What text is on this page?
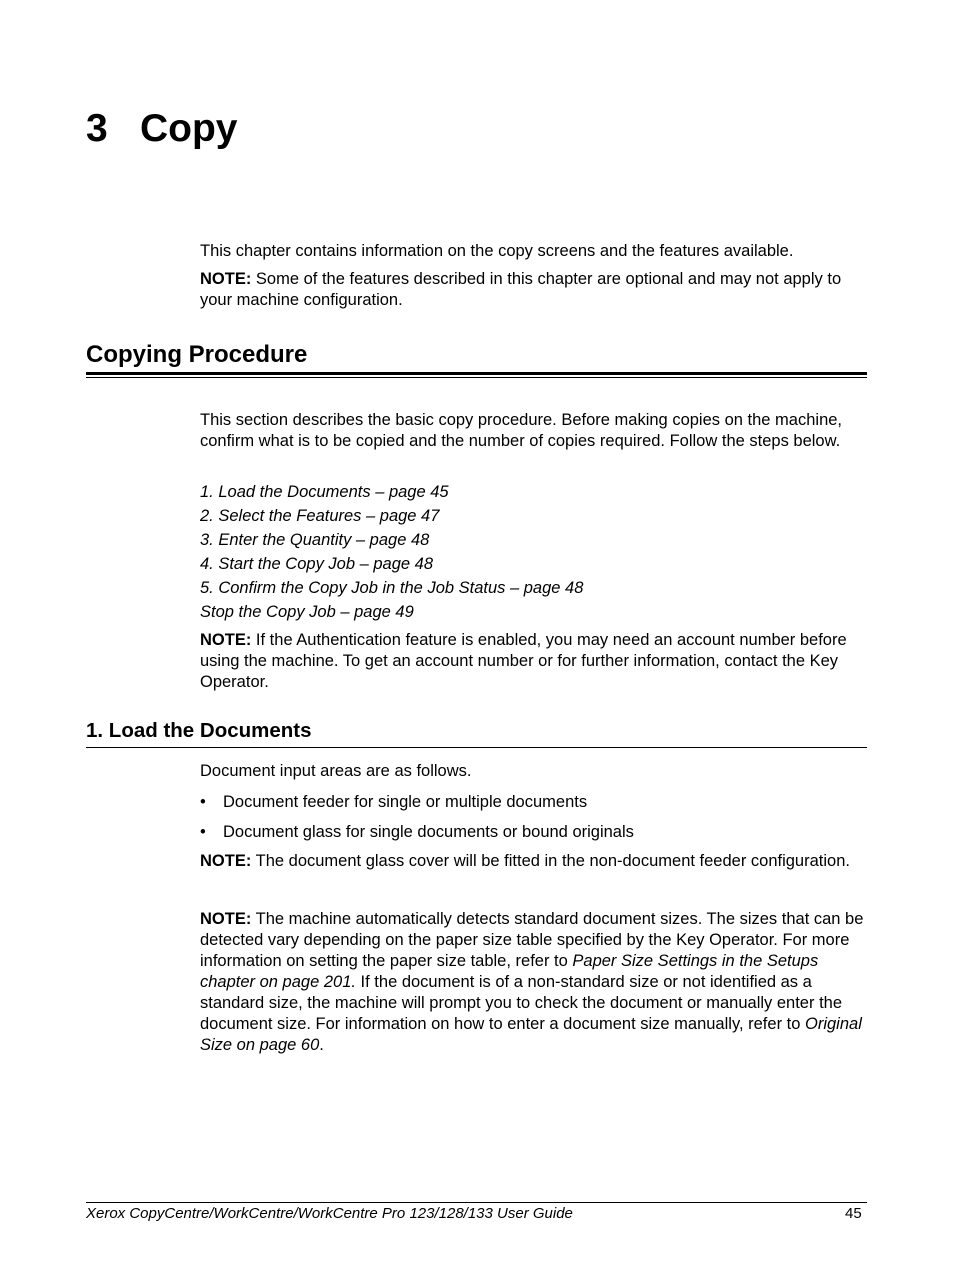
3 Copy

This chapter contains information on the copy screens and the features available.

NOTE: Some of the features described in this chapter are optional and may not apply to your machine configuration.

Copying Procedure

This section describes the basic copy procedure. Before making copies on the machine, confirm what is to be copied and the number of copies required. Follow the steps below.

1. Load the Documents – page 45
2. Select the Features – page 47
3. Enter the Quantity – page 48
4. Start the Copy Job – page 48
5. Confirm the Copy Job in the Job Status – page 48
Stop the Copy Job – page 49

NOTE: If the Authentication feature is enabled, you may need an account number before using the machine. To get an account number or for further information, contact the Key Operator.

1. Load the Documents

Document input areas are as follows.

• Document feeder for single or multiple documents
• Document glass for single documents or bound originals

NOTE: The document glass cover will be fitted in the non-document feeder configuration.

NOTE: The machine automatically detects standard document sizes. The sizes that can be detected vary depending on the paper size table specified by the Key Operator. For more information on setting the paper size table, refer to Paper Size Settings in the Setups chapter on page 201. If the document is of a non-standard size or not identified as a standard size, the machine will prompt you to check the document or manually enter the document size. For information on how to enter a document size manually, refer to Original Size on page 60.

Xerox CopyCentre/WorkCentre/WorkCentre Pro 123/128/133 User Guide	45
